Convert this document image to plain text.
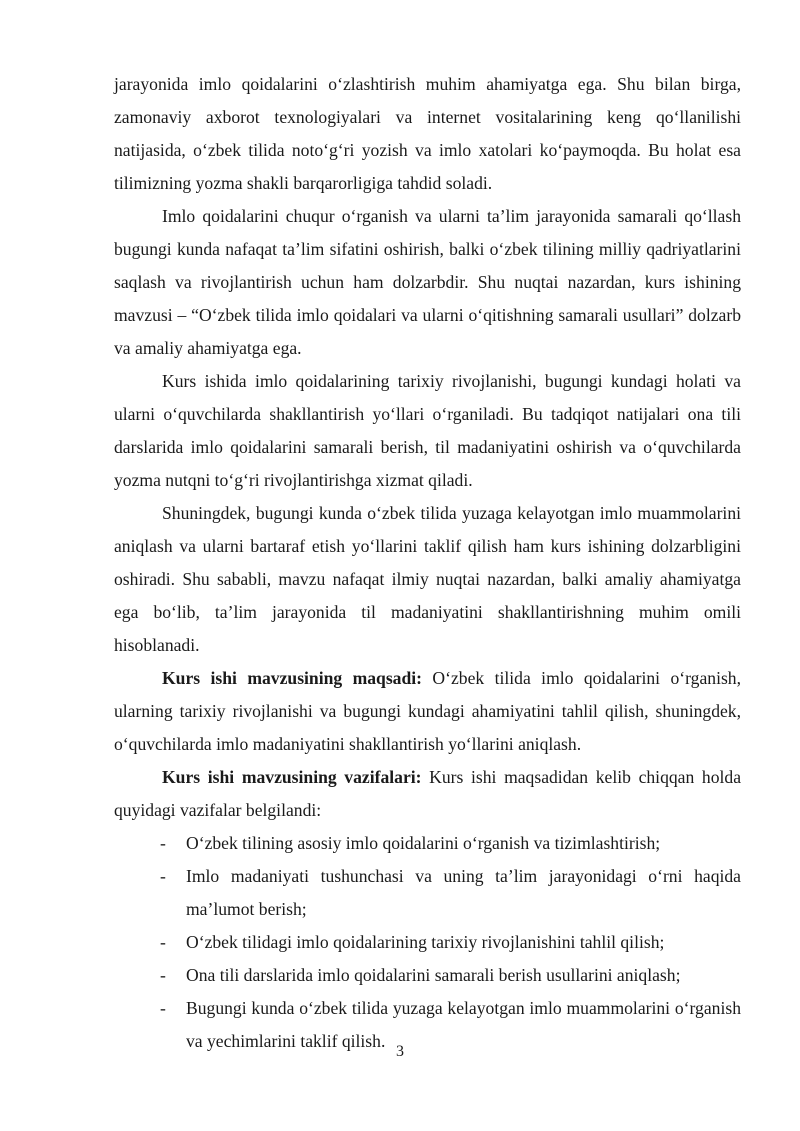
jarayonida imlo qoidalarini o‘zlashtirish muhim ahamiyatga ega. Shu bilan birga, zamonaviy axborot texnologiyalari va internet vositalarining keng qo‘llanilishi natijasida, o‘zbek tilida noto‘g‘ri yozish va imlo xatolari ko‘paymoqda. Bu holat esa tilimizning yozma shakli barqarorligiga tahdid soladi.

Imlo qoidalarini chuqur o‘rganish va ularni ta’lim jarayonida samarali qo‘llash bugungi kunda nafaqat ta’lim sifatini oshirish, balki o‘zbek tilining milliy qadriyatlarini saqlash va rivojlantirish uchun ham dolzarbdir. Shu nuqtai nazardan, kurs ishining mavzusi – “O‘zbek tilida imlo qoidalari va ularni o‘qitishning samarali usullari” dolzarb va amaliy ahamiyatga ega.

Kurs ishida imlo qoidalarining tarixiy rivojlanishi, bugungi kundagi holati va ularni o‘quvchilarda shakllantirish yo‘llari o‘rganiladi. Bu tadqiqot natijalari ona tili darslarida imlo qoidalarini samarali berish, til madaniyatini oshirish va o‘quvchilarda yozma nutqni to‘g‘ri rivojlantirishga xizmat qiladi.

Shuningdek, bugungi kunda o‘zbek tilida yuzaga kelayotgan imlo muammolarini aniqlash va ularni bartaraf etish yo‘llarini taklif qilish ham kurs ishining dolzarbligini oshiradi. Shu sababli, mavzu nafaqat ilmiy nuqtai nazardan, balki amaliy ahamiyatga ega bo‘lib, ta’lim jarayonida til madaniyatini shakllantirishning muhim omili hisoblanadi.

Kurs ishi mavzusining maqsadi: O‘zbek tilida imlo qoidalarini o‘rganish, ularning tarixiy rivojlanishi va bugungi kundagi ahamiyatini tahlil qilish, shuningdek, o‘quvchilarda imlo madaniyatini shakllantirish yo‘llarini aniqlash.

Kurs ishi mavzusining vazifalari: Kurs ishi maqsadidan kelib chiqqan holda quyidagi vazifalar belgilandi:

- O‘zbek tilining asosiy imlo qoidalarini o‘rganish va tizimlashtirish;
- Imlo madaniyati tushunchasi va uning ta’lim jarayonidagi o‘rni haqida ma’lumot berish;
- O‘zbek tilidagi imlo qoidalarining tarixiy rivojlanishini tahlil qilish;
- Ona tili darslarida imlo qoidalarini samarali berish usullarini aniqlash;
- Bugungi kunda o‘zbek tilida yuzaga kelayotgan imlo muammolarini o‘rganish va yechimlarini taklif qilish.
3
